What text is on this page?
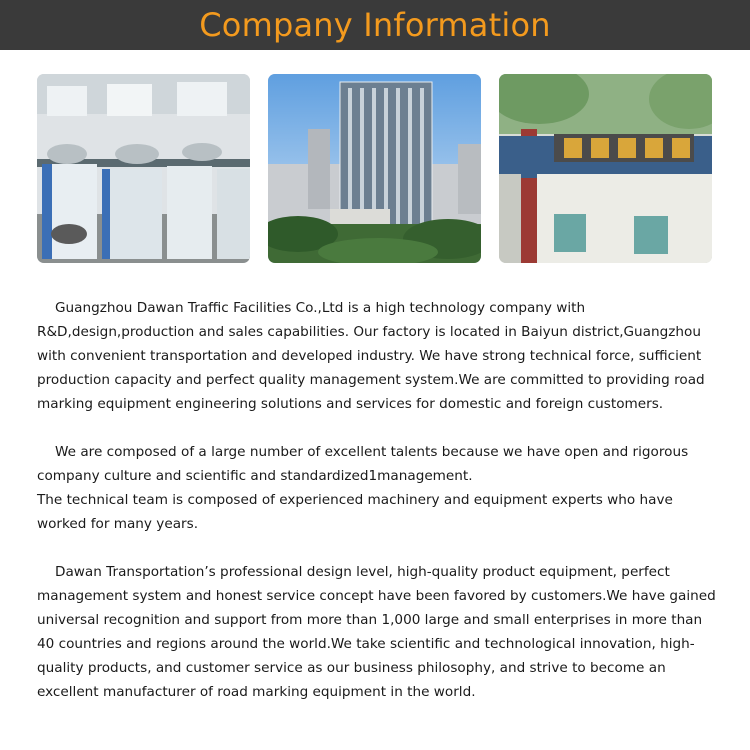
Company Information

Guangzhou Dawan Traffic Facilities Co.,Ltd is a high technology company with R&D,design,production and sales capabilities. Our factory is located in Baiyun district,Guangzhou with convenient transportation and developed industry. We have strong technical force, sufficient production capacity and perfect quality management system.We are committed to providing road marking equipment engineering solutions and services for domestic and foreign customers.

We are composed of a large number of excellent talents because we have open and rigorous company culture and scientific and standardized1management.

The technical team is composed of experienced machinery and equipment experts who have worked for many years.

Dawan Transportation’s professional design level, high-quality product equipment, perfect management system and honest service concept have been favored by customers.We have gained universal recognition and support from more than 1,000 large and small enterprises in more than 40 countries and regions around the world.We take scientific and technological innovation, high-quality products, and customer service as our business philosophy, and strive to become an excellent manufacturer of road marking equipment in the world.
